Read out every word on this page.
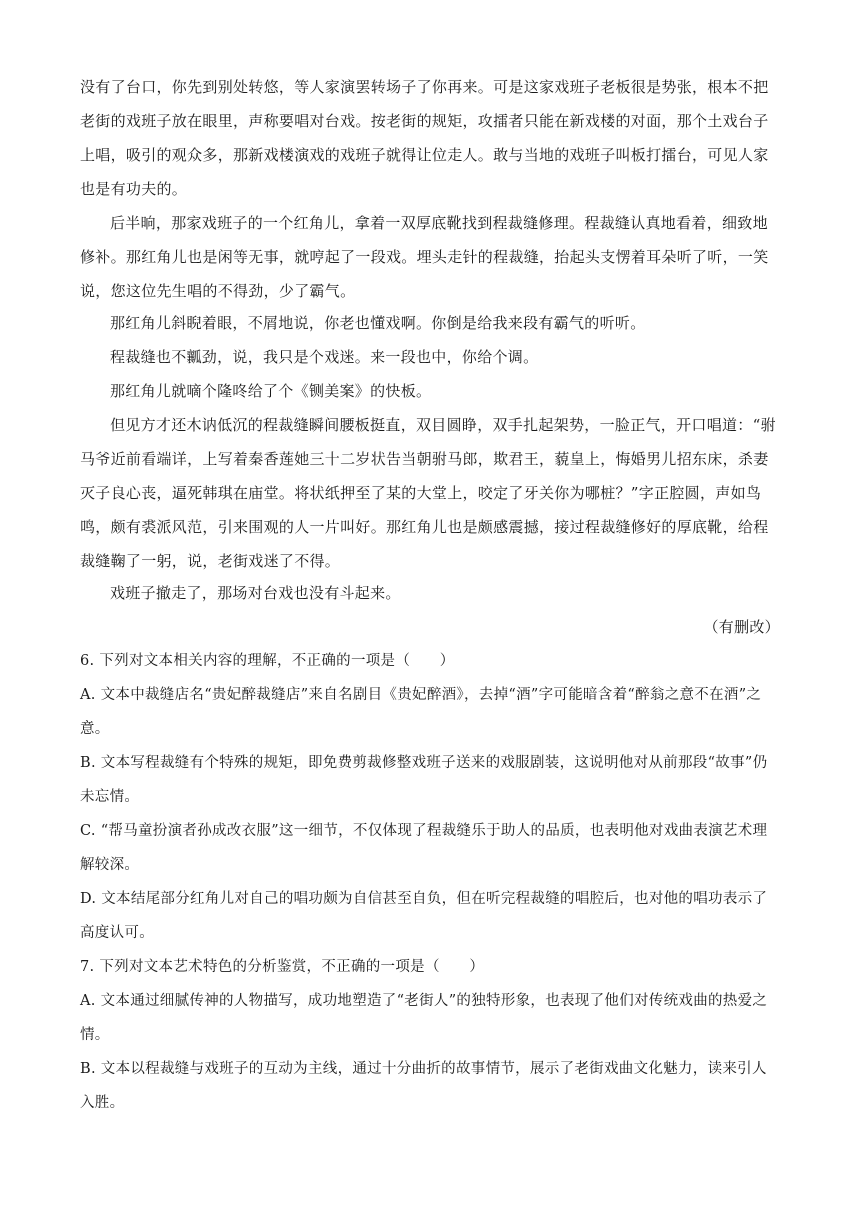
没有了台口，你先到别处转悠，等人家演罢转场子了你再来。可是这家戏班子老板很是势张，根本不把老街的戏班子放在眼里，声称要唱对台戏。按老街的规矩，攻擂者只能在新戏楼的对面，那个土戏台子上唱，吸引的观众多，那新戏楼演戏的戏班子就得让位走人。敢与当地的戏班子叫板打擂台，可见人家也是有功夫的。

后半晌，那家戏班子的一个红角儿，拿着一双厚底靴找到程裁缝修理。程裁缝认真地看着，细致地修补。那红角儿也是闲等无事，就哼起了一段戏。埋头走针的程裁缝，抬起头支愣着耳朵听了听，一笑说，您这位先生唱的不得劲，少了霸气。

那红角儿斜睨着眼，不屑地说，你老也懂戏啊。你倒是给我来段有霸气的听听。

程裁缝也不瓤劲，说，我只是个戏迷。来一段也中，你给个调。

那红角儿就嘀个隆咚给了个《铡美案》的快板。

但见方才还木讷低沉的程裁缝瞬间腰板挺直，双目圆睁，双手扎起架势，一脸正气，开口唱道：“驸马爷近前看端详，上写着秦香莲她三十二岁状告当朝驸马郎，欺君王，藐皇上，悔婚男儿招东床，杀妻灭子良心丧，逼死韩琪在庙堂。将状纸押至了某的大堂上，咬定了牙关你为哪桩？”字正腔圆，声如鸟鸣，颇有裘派风范，引来围观的人一片叫好。那红角儿也是颇感震撼，接过程裁缝修好的厚底靴，给程裁缝鞠了一躬，说，老街戏迷了不得。

戏班子撤走了，那场对台戏也没有斗起来。

（有删改）

6. 下列对文本相关内容的理解，不正确的一项是（　　）

A. 文本中裁缝店名“贵妃醉裁缝店”来自名剧目《贵妃醉酒》，去掉“酒”字可能暗含着“醉翁之意不在酒”之意。

B. 文本写程裁缝有个特殊的规矩，即免费剪裁修整戏班子送来的戏服剧装，这说明他对从前那段“故事”仍未忘情。

C. “帮马童扮演者孙成改衣服”这一细节，不仅体现了程裁缝乐于助人的品质，也表明他对戏曲表演艺术理解较深。

D. 文本结尾部分红角儿对自己的唱功颇为自信甚至自负，但在听完程裁缝的唱腔后，也对他的唱功表示了高度认可。

7. 下列对文本艺术特色的分析鉴赏，不正确的一项是（　　）

A. 文本通过细腻传神的人物描写，成功地塑造了“老街人”的独特形象，也表现了他们对传统戏曲的热爱之情。

B. 文本以程裁缝与戏班子的互动为主线，通过十分曲折的故事情节，展示了老街戏曲文化魅力，读来引人入胜。
